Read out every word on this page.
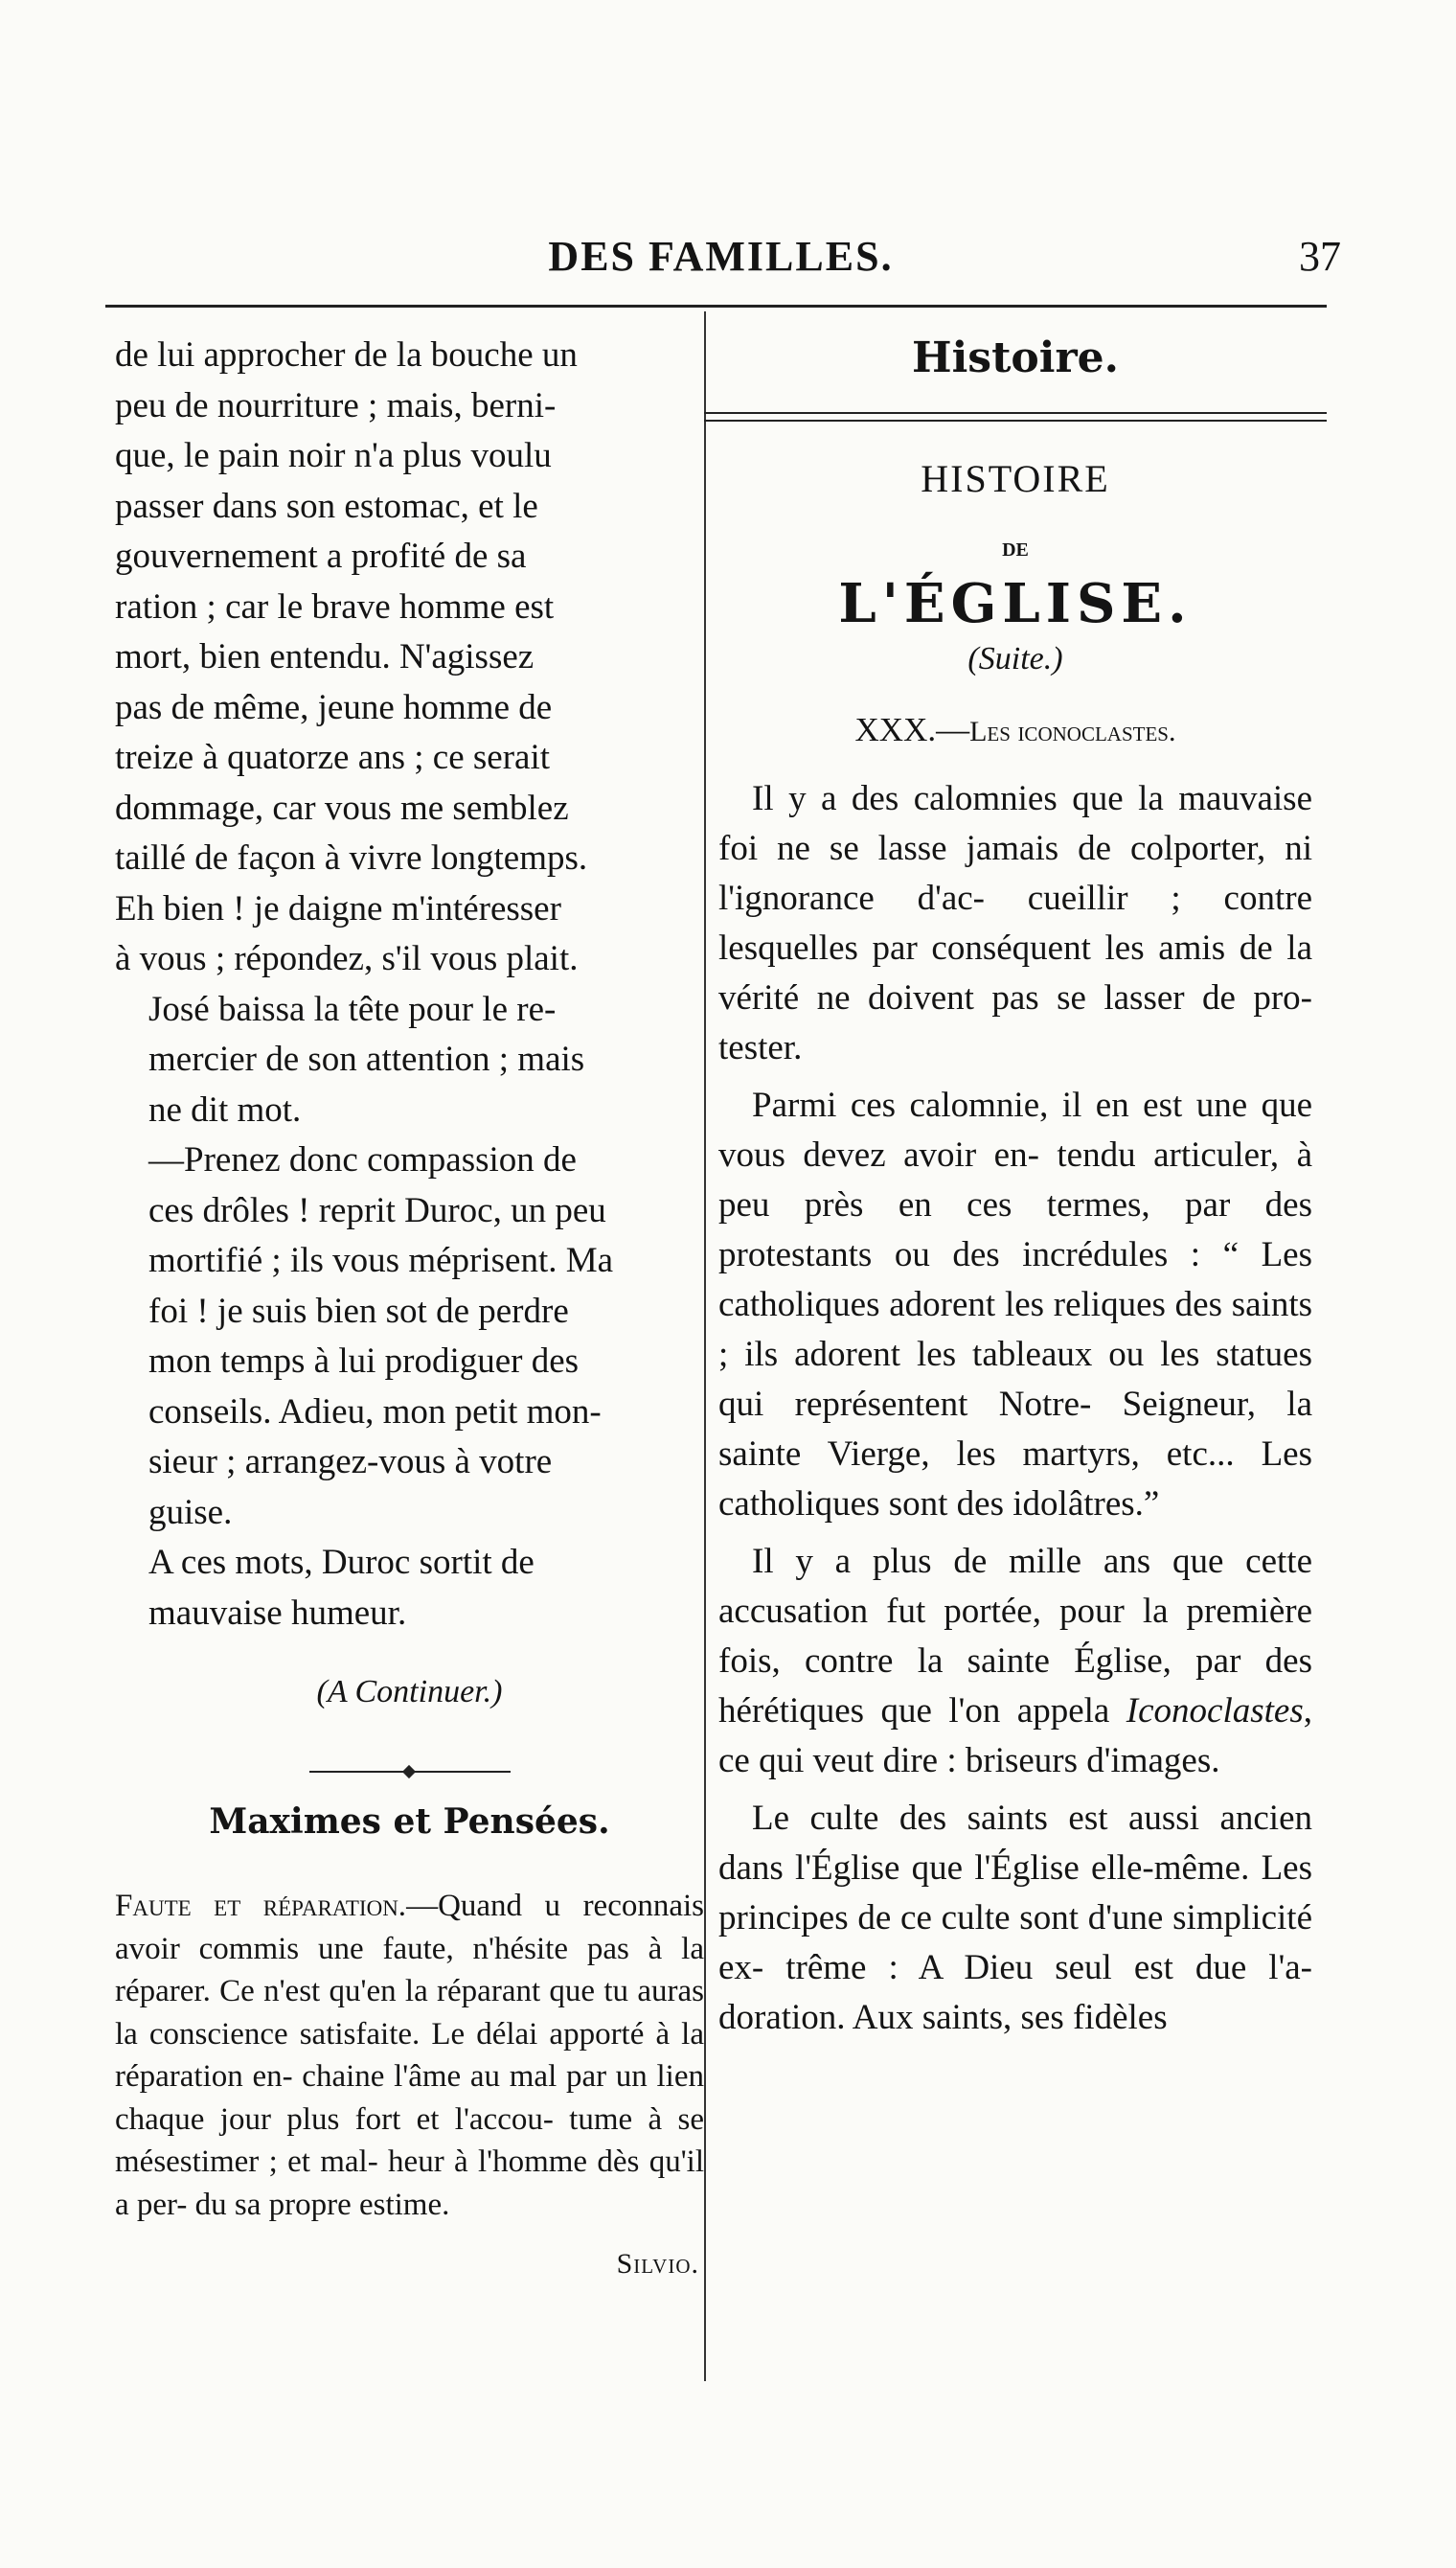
DES FAMILLES.	37

de lui approcher de la bouche un
peu de nourriture ; mais, berni-
que, le pain noir n'a plus voulu
passer dans son estomac, et le
gouvernement a profité de sa
ration ; car le brave homme est
mort, bien entendu. N'agissez
pas de même, jeune homme de
treize à quatorze ans ; ce serait
dommage, car vous me semblez
taillé de façon à vivre longtemps.
Eh bien ! je daigne m'intéresser
à vous ; répondez, s'il vous plait.

José baissa la tête pour le re-
mercier de son attention ; mais
ne dit mot.

—Prenez donc compassion de
ces drôles ! reprit Duroc, un peu
mortifié ; ils vous méprisent. Ma
foi ! je suis bien sot de perdre
mon temps à lui prodiguer des
conseils. Adieu, mon petit mon-
sieur ; arrangez-vous à votre
guise.

A ces mots, Duroc sortit de
mauvaise humeur.

(A Continuer.)
Maximes et Pensées.
Faute et réparation.—Quand u reconnais avoir commis une faute, n'hésite pas à la réparer. Ce n'est qu'en la réparant que tu auras la conscience satisfaite. Le délai apporté à la réparation en- chaine l'âme au mal par un lien chaque jour plus fort et l'accou- tume à se mésestimer ; et mal- heur à l'homme dès qu'il a per- du sa propre estime.
Silvio.
Histoire.
HISTOIRE
DE
L'ÉGLISE.
(Suite.)
XXX.—Les iconoclastes.

Il y a des calomnies que la mauvaise foi ne se lasse jamais de colporter, ni l'ignorance d'ac- cueillir ; contre lesquelles par conséquent les amis de la vérité ne doivent pas se lasser de pro- tester.

Parmi ces calomnie, il en est une que vous devez avoir en- tendu articuler, à peu près en ces termes, par des protestants ou des incrédules : “ Les catholiques adorent les reliques des saints ; ils adorent les tableaux ou les statues qui représentent Notre- Seigneur, la sainte Vierge, les martyrs, etc... Les catholiques sont des idolâtres.”

Il y a plus de mille ans que cette accusation fut portée, pour la première fois, contre la sainte Église, par des hérétiques que l'on appela Iconoclastes, ce qui veut dire : briseurs d'images.

Le culte des saints est aussi ancien dans l'Église que l'Église elle-même. Les principes de ce culte sont d'une simplicité ex- trême : A Dieu seul est due l'a- doration. Aux saints, ses fidèles
